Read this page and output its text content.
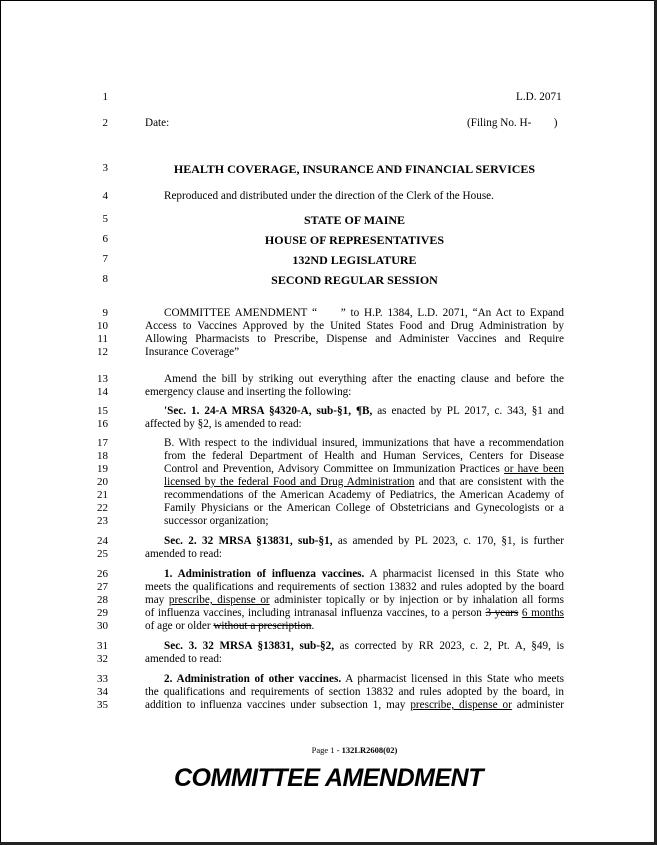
1
2
3
4
5
6
7
8
9
10
11
12
13
14
15
16
17
18
19
20
21
22
23
24
25
26
27
28
29
30
31
32
33
34
35
L.D. 2071
Date:	(Filing No. H-        )
HEALTH COVERAGE, INSURANCE AND FINANCIAL SERVICES
Reproduced and distributed under the direction of the Clerk of the House.
STATE OF MAINE
HOUSE OF REPRESENTATIVES
132ND LEGISLATURE
SECOND REGULAR SESSION
COMMITTEE AMENDMENT “     ” to H.P. 1384, L.D. 2071, “An Act to Expand
Access to Vaccines Approved by the United States Food and Drug Administration by
Allowing Pharmacists to Prescribe, Dispense and Administer Vaccines and Require
Insurance Coverage”
Amend the bill by striking out everything after the enacting clause and before the
emergency clause and inserting the following:
'Sec. 1. 24-A MRSA §4320-A, sub-§1, ¶B, as enacted by PL 2017, c. 343, §1 and
affected by §2, is amended to read:
B. With respect to the individual insured, immunizations that have a recommendation
from the federal Department of Health and Human Services, Centers for Disease
Control and Prevention, Advisory Committee on Immunization Practices or have been
licensed by the federal Food and Drug Administration and that are consistent with the
recommendations of the American Academy of Pediatrics, the American Academy of
Family Physicians or the American College of Obstetricians and Gynecologists or a
successor organization;
Sec. 2. 32 MRSA §13831, sub-§1, as amended by PL 2023, c. 170, §1, is further
amended to read:
1. Administration of influenza vaccines. A pharmacist licensed in this State who
meets the qualifications and requirements of section 13832 and rules adopted by the board
may prescribe, dispense or administer topically or by injection or by inhalation all forms
of influenza vaccines, including intranasal influenza vaccines, to a person 3 years 6 months
of age or older without a prescription.
Sec. 3. 32 MRSA §13831, sub-§2, as corrected by RR 2023, c. 2, Pt. A, §49, is
amended to read:
2. Administration of other vaccines. A pharmacist licensed in this State who meets
the qualifications and requirements of section 13832 and rules adopted by the board, in
addition to influenza vaccines under subsection 1, may prescribe, dispense or administer
Page 1 - 132LR2608(02)
COMMITTEE AMENDMENT
